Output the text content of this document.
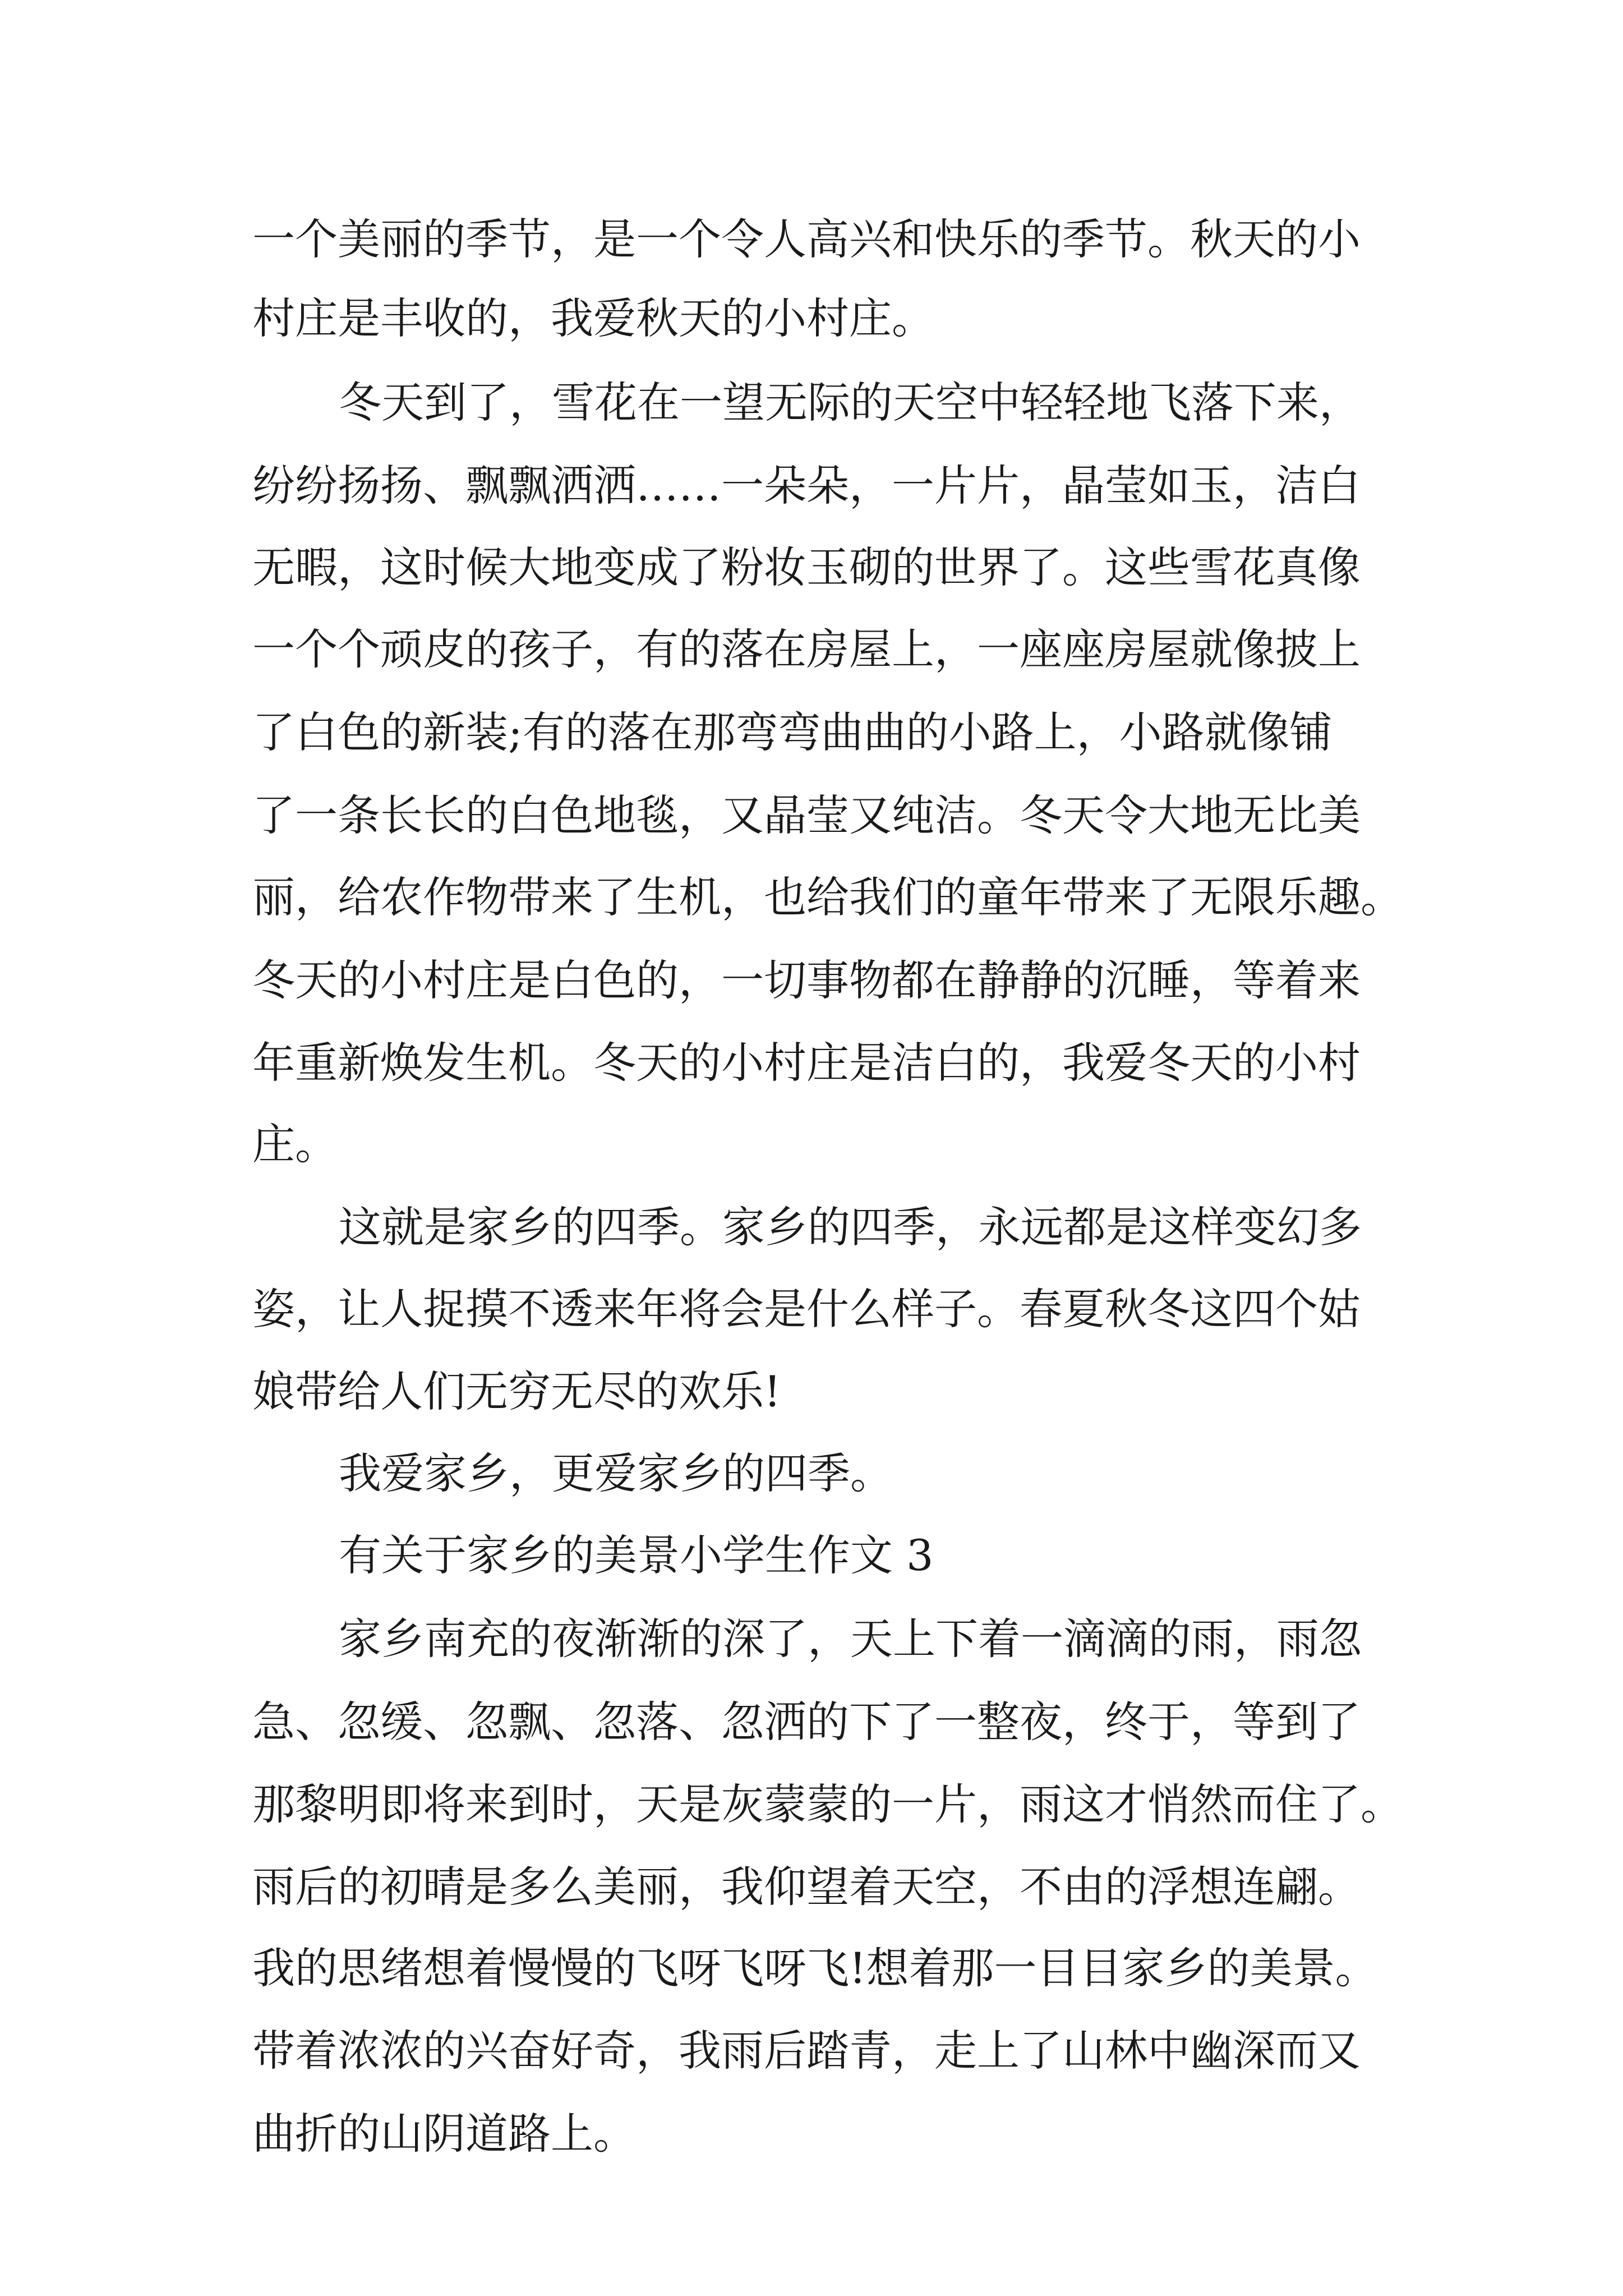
一个美丽的季节，是一个令人高兴和快乐的季节。秋天的小
村庄是丰收的，我爱秋天的小村庄。
冬天到了，雪花在一望无际的天空中轻轻地飞落下来，
纷纷扬扬、飘飘洒洒……一朵朵，一片片，晶莹如玉，洁白
无暇，这时候大地变成了粉妆玉砌的世界了。这些雪花真像
一个个顽皮的孩子，有的落在房屋上，一座座房屋就像披上
了白色的新装;有的落在那弯弯曲曲的小路上，小路就像铺
了一条长长的白色地毯，又晶莹又纯洁。冬天令大地无比美
丽，给农作物带来了生机，也给我们的童年带来了无限乐趣。
冬天的小村庄是白色的，一切事物都在静静的沉睡，等着来
年重新焕发生机。冬天的小村庄是洁白的，我爱冬天的小村
庄。
这就是家乡的四季。家乡的四季，永远都是这样变幻多
姿，让人捉摸不透来年将会是什么样子。春夏秋冬这四个姑
娘带给人们无穷无尽的欢乐!
我爱家乡，更爱家乡的四季。
有关于家乡的美景小学生作文 3
家乡南充的夜渐渐的深了，天上下着一滴滴的雨，雨忽
急、忽缓、忽飘、忽落、忽洒的下了一整夜，终于，等到了
那黎明即将来到时，天是灰蒙蒙的一片，雨这才悄然而住了。
雨后的初晴是多么美丽，我仰望着天空，不由的浮想连翩。
我的思绪想着慢慢的飞呀飞呀飞!想着那一目目家乡的美景。
带着浓浓的兴奋好奇，我雨后踏青，走上了山林中幽深而又
曲折的山阴道路上。
